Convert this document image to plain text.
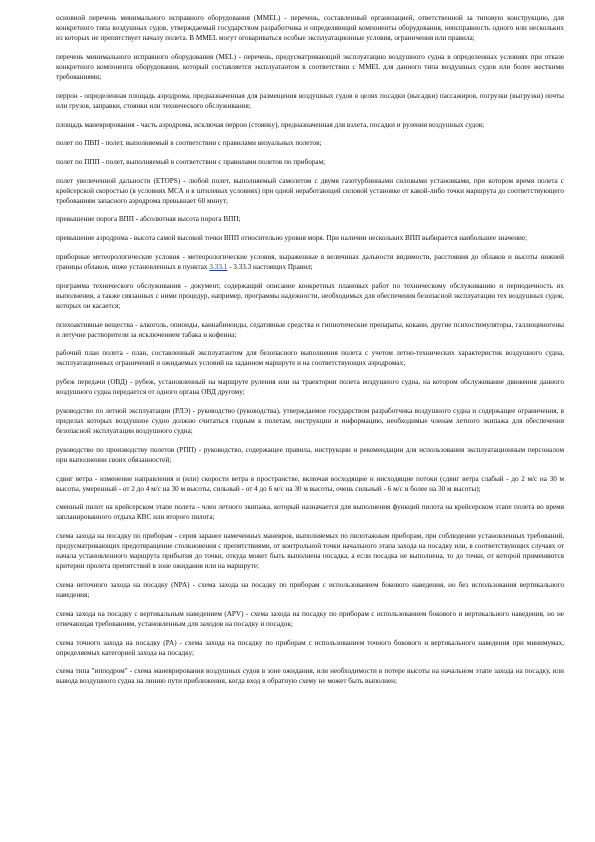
основной перечень минимального исправного оборудования (MMEL) - перечень, составленный организацией, ответственной за типовую конструкцию, для конкретного типа воздушных судов, утверждаемый государством разработчика и определяющий компоненты оборудования, неисправность одного или нескольких из которых не препятствует началу полета. В MMEL могут оговариваться особые эксплуатационные условия, ограничения или правила;

перечень минимального исправного оборудования (MEL) - перечень, предусматривающий эксплуатацию воздушного судна в определенных условиях при отказе конкретного компонента оборудования, который составляется эксплуатантом в соответствии с MMEL для данного типа воздушных судов или более жесткими требованиями;

перрон - определенная площадь аэродрома, предназначенная для размещения воздушных судов в целях посадки (высадки) пассажиров, погрузки (выгрузки) почты или грузов, заправки, стоянки или технического обслуживания;

площадь маневрирования - часть аэродрома, исключая перрон (стоянку), предназначенная для взлета, посадки и руления воздушных судов;

полет по ПВП - полет, выполняемый в соответствии с правилами визуальных полетов;

полет по ППП - полет, выполняемый в соответствии с правилами полетов по приборам;

полет увеличенной дальности (ETOPS) - любой полет, выполняемый самолетом с двумя газотурбинными силовыми установками, при котором время полета с крейсерской скоростью (в условиях МСА и в штилевых условиях) при одной неработающей силовой установке от какой-либо точки маршрута до соответствующего требованиям запасного аэродрома превышает 60 минут;

превышение порога ВПП - абсолютная высота порога ВПП;

превышение аэродрома - высота самой высокой точки ВПП относительно уровня моря. При наличии нескольких ВПП выбирается наибольшее значение;

приборные метеорологические условия - метеорологические условия, выраженные в величинах дальности видимости, расстояния до облаков и высоты нижней границы облаков, ниже установленных в пунктах 3.33.1 - 3.33.3 настоящих Правил;

программа технического обслуживания - документ, содержащий описание конкретных плановых работ по техническому обслуживанию и периодичность их выполнения, а также связанных с ними процедур, например, программы надежности, необходимых для обеспечения безопасной эксплуатации тех воздушных судов, которых он касается;

психоактивные вещества - алкоголь, опиоиды, каннабиноиды, седативные средства и гипнотические препараты, кокаин, другие психостимуляторы, галлюциногены и летучие растворители за исключением табака и кофеина;

рабочий план полета - план, составленный эксплуатантом для безопасного выполнения полета с учетом летно-технических характеристик воздушного судна, эксплуатационных ограничений и ожидаемых условий на заданном маршруте и на соответствующих аэродромах;

рубеж передачи (ОВД) - рубеж, установленный на маршруте руления или на траектории полета воздушного судна, на котором обслуживание движения данного воздушного судна передается от одного органа ОВД другому;

руководство по летной эксплуатации (РЛЭ) - руководство (руководства), утверждаемое государством разработчика воздушного судна и содержащее ограничения, в пределах которых воздушное судно должно считаться годным к полетам, инструкции и информацию, необходимые членам летного экипажа для обеспечения безопасной эксплуатации воздушного судна;

руководство по производству полетов (РПП) - руководство, содержащее правила, инструкции и рекомендации для использования эксплуатационным персоналом при выполнении своих обязанностей;

сдвиг ветра - изменение направления и (или) скорости ветра в пространстве, включая восходящие и нисходящие потоки (сдвиг ветра слабый - до 2 м/с на 30 м высоты, умеренный - от 2 до 4 м/с на 30 м высоты, сильный - от 4 до 6 м/с на 30 м высоты, очень сильный - 6 м/с и более на 30 м высоты);

сменный пилот на крейсерском этапе полета - член летного экипажа, который назначается для выполнения функций пилота на крейсерском этапе полета во время запланированного отдыха КВС или второго пилота;

схема захода на посадку по приборам - серия заранее намеченных маневров, выполняемых по пилотажным приборам, при соблюдении установленных требований, предусматривающих предотвращение столкновения с препятствиями, от контрольной точки начального этапа захода на посадку или, в соответствующих случаях от начала установленного маршрута прибытия до точки, откуда может быть выполнена посадка, а если посадка не выполнена, то до точки, от которой применяются критерии пролета препятствий в зоне ожидания или на маршруте;

схема неточного захода на посадку (NPA) - схема захода на посадку по приборам с использованием бокового наведения, но без использования вертикального наведения;

схема захода на посадку с вертикальным наведением (APV) - схема захода на посадку по приборам с использованием бокового и вертикального наведения, но не отвечающая требованиям, установленным для заходов на посадку и посадок;

схема точного захода на посадку (PA) - схема захода на посадку по приборам с использованием точного бокового и вертикального наведения при минимумах, определяемых категорией захода на посадку;

схема типа "ипподром" - схема маневрирования воздушных судов в зоне ожидания, или необходимости в потере высоты на начальном этапе захода на посадку, или вывода воздушного судна на линию пути приближения, когда вход в обратную схему не может быть выполнен;
